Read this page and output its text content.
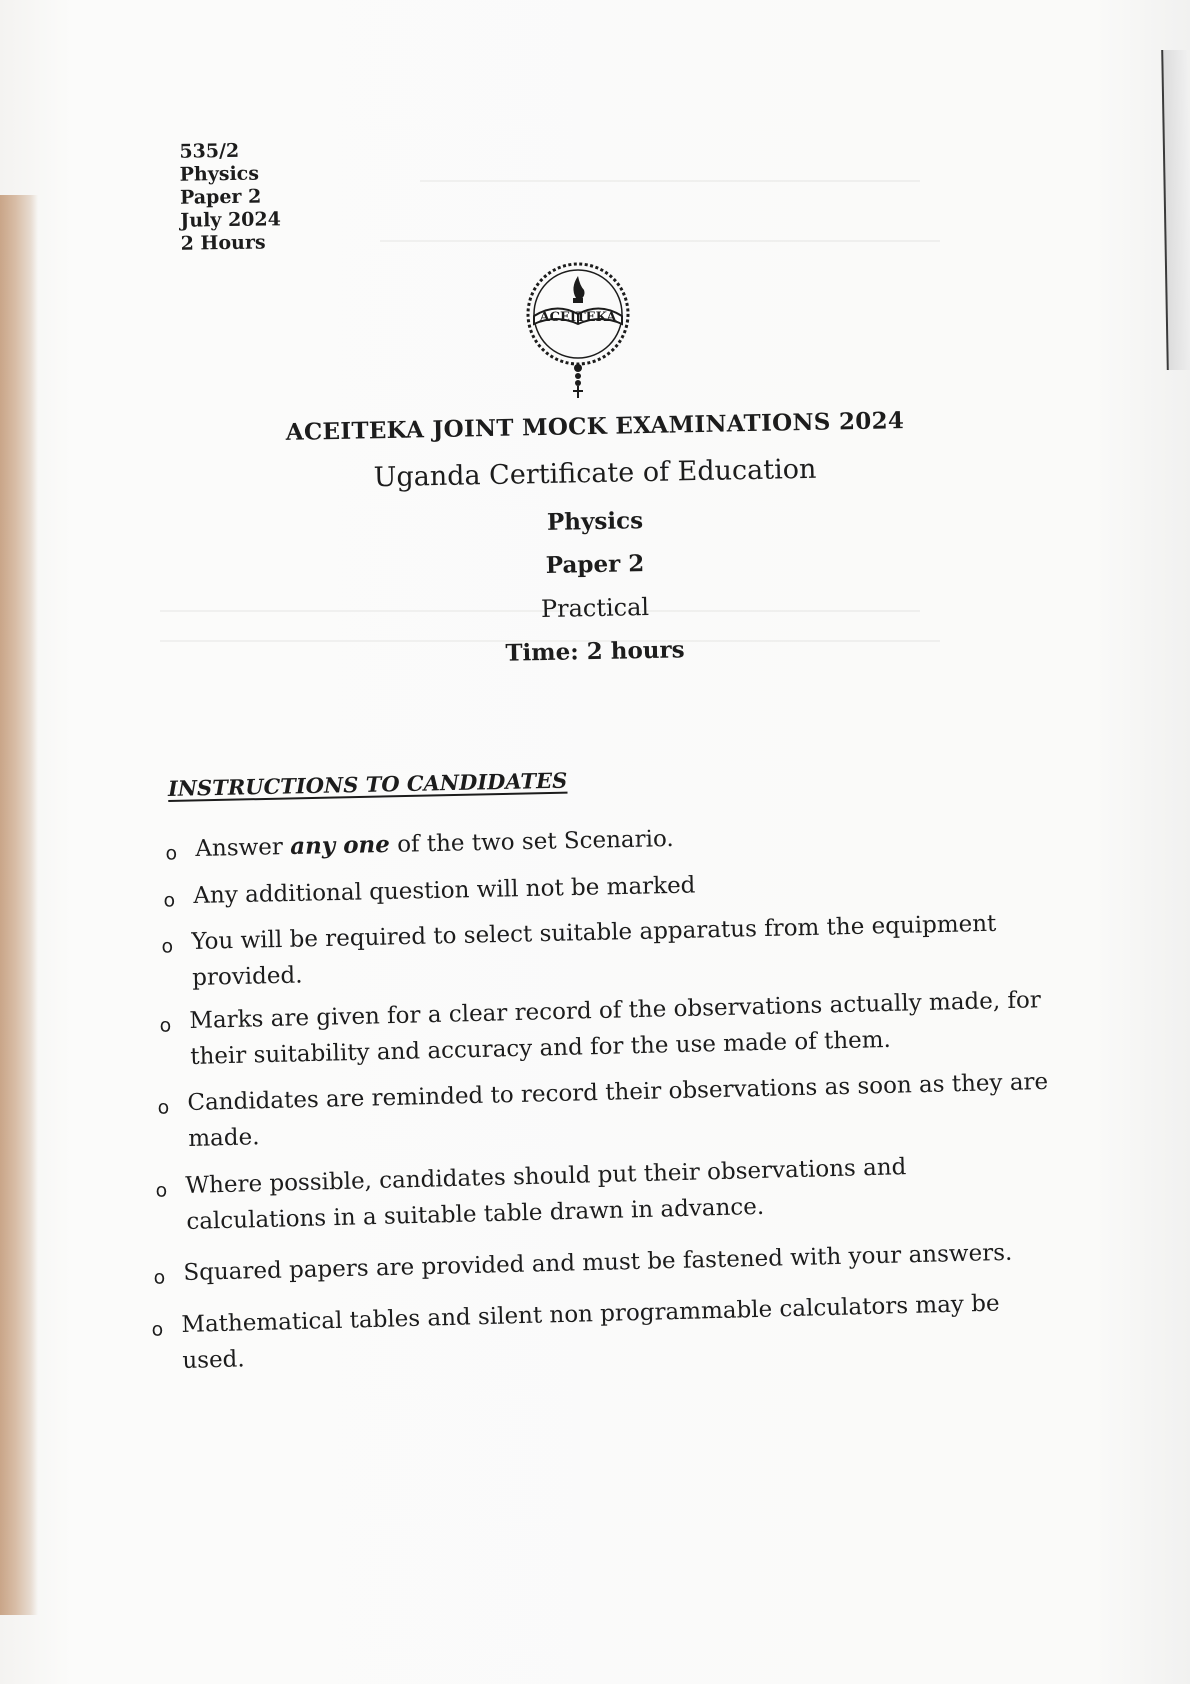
535/2
Physics
Paper 2
July 2024
2 Hours
ACEITEKA
ACEITEKA JOINT MOCK EXAMINATIONS 2024
Uganda Certificate of Education
Physics
Paper 2
Practical
Time: 2 hours
INSTRUCTIONS TO CANDIDATES
o Answer any one of the two set Scenario.
o Any additional question will not be marked
o You will be required to select suitable apparatus from the equipment
provided.
o Marks are given for a clear record of the observations actually made, for
their suitability and accuracy and for the use made of them.
o Candidates are reminded to record their observations as soon as they are
made.
o Where possible, candidates should put their observations and
calculations in a suitable table drawn in advance.
o Squared papers are provided and must be fastened with your answers.
o Mathematical tables and silent non programmable calculators may be
used.
